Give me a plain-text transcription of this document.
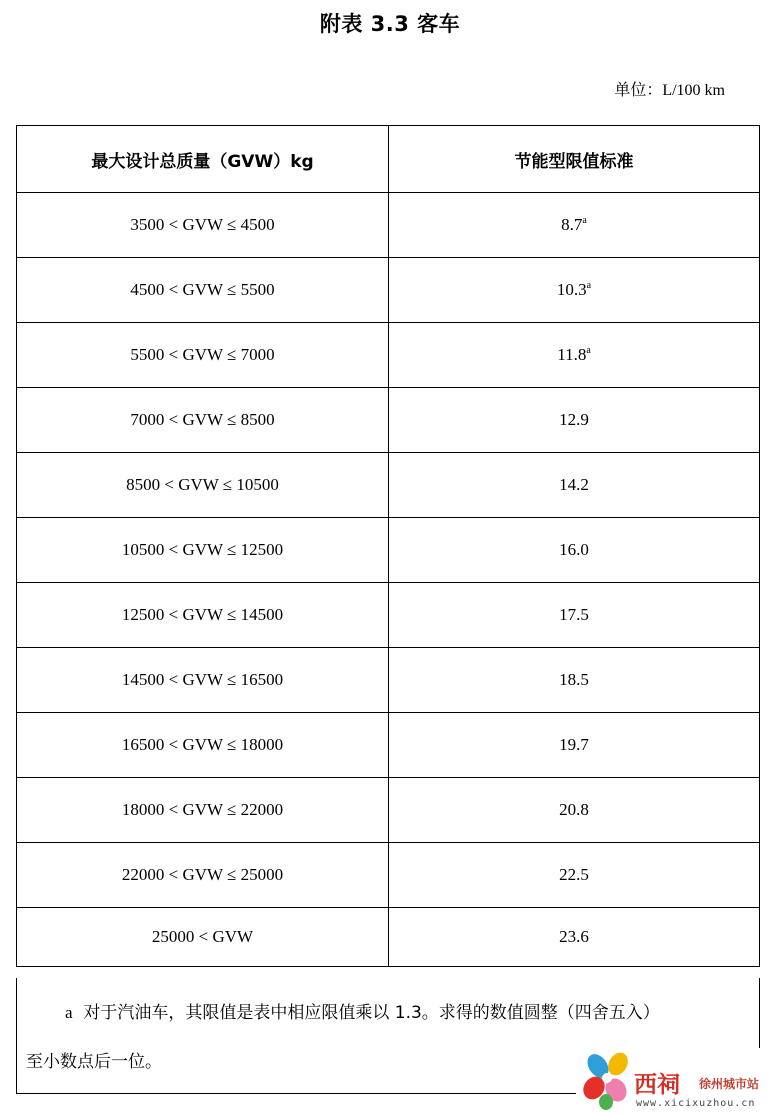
附表 3.3 客车
单位：L/100 km
最大设计总质量（GVW）kg	节能型限值标准
3500 < GVW ≤ 4500	8.7$^a$
4500 < GVW ≤ 5500	10.3$^a$
5500 < GVW ≤ 7000	11.8$^a$
7000 < GVW ≤ 8500	12.9
8500 < GVW ≤ 10500	14.2
10500 < GVW ≤ 12500	16.0
12500 < GVW ≤ 14500	17.5
14500 < GVW ≤ 16500	18.5
16500 < GVW ≤ 18000	19.7
18000 < GVW ≤ 22000	20.8
22000 < GVW ≤ 25000	22.5
25000 < GVW	23.6
a 对于汽油车，其限值是表中相应限值乘以 1.3。求得的数值圆整（四舍五入）
至小数点后一位。
西祠 徐州城市站
www.xicixuzhou.cn
